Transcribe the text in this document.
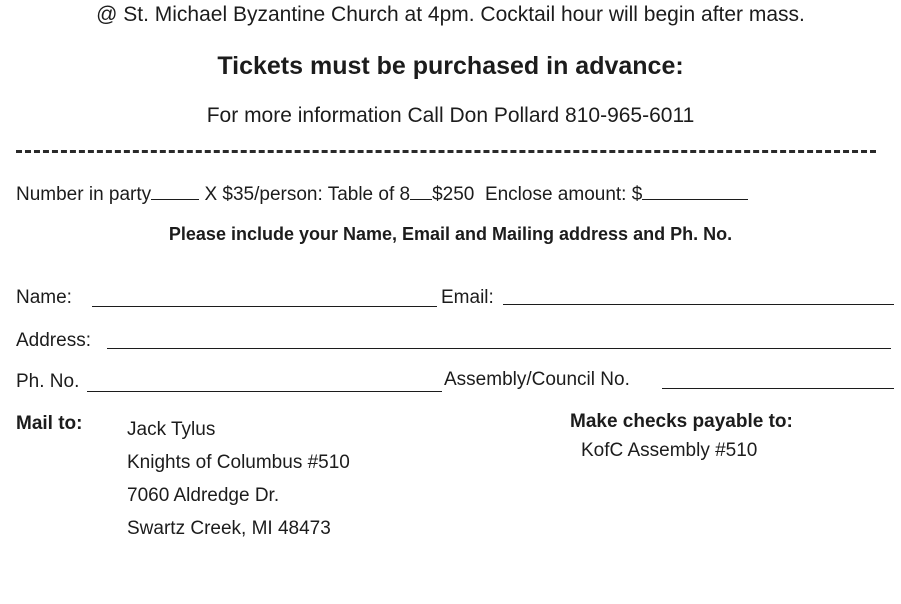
@ St. Michael Byzantine Church at 4pm. Cocktail hour will begin after mass.
Tickets must be purchased in advance:
For more information Call Don Pollard 810-965-6011
Number in party	X $35/person: Table of 8 $250 Enclose amount: $
Please include your Name, Email and Mailing address and Ph. No.
Name:	Email:
Address:
Ph. No.	Assembly/Council No.
Mail to: Jack Tylus
Knights of Columbus #510
7060 Aldredge Dr.
Swartz Creek, MI 48473
Make checks payable to:
KofC Assembly #510
